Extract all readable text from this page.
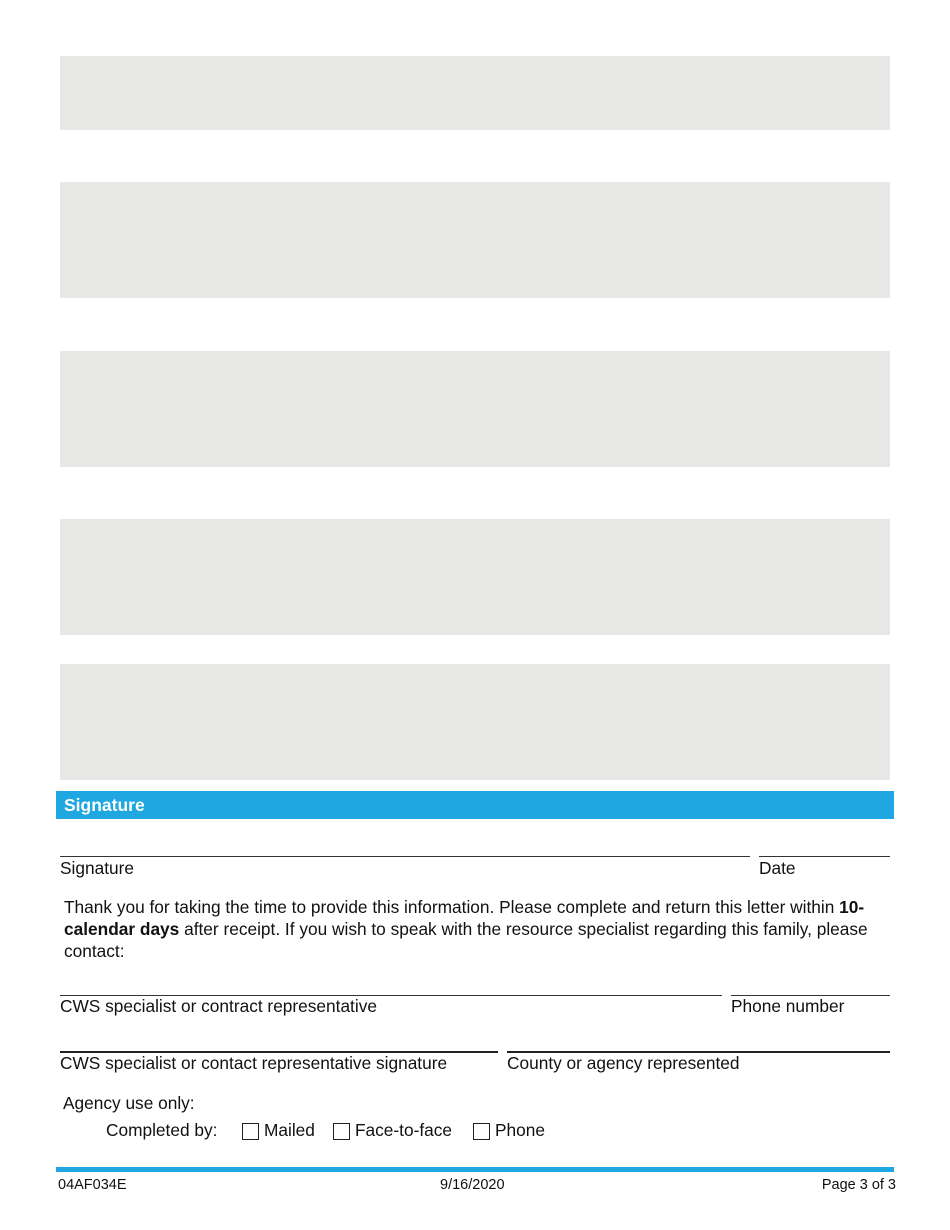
Signature
Signature	Date
Thank you for taking the time to provide this information. Please complete and return this letter within 10-calendar days after receipt. If you wish to speak with the resource specialist regarding this family, please contact:
CWS specialist or contract representative	Phone number
CWS specialist or contact representative signature	County or agency represented
Agency use only:
Completed by:	Mailed Face-to-face Phone
04AF034E	9/16/2020	Page 3 of 3
